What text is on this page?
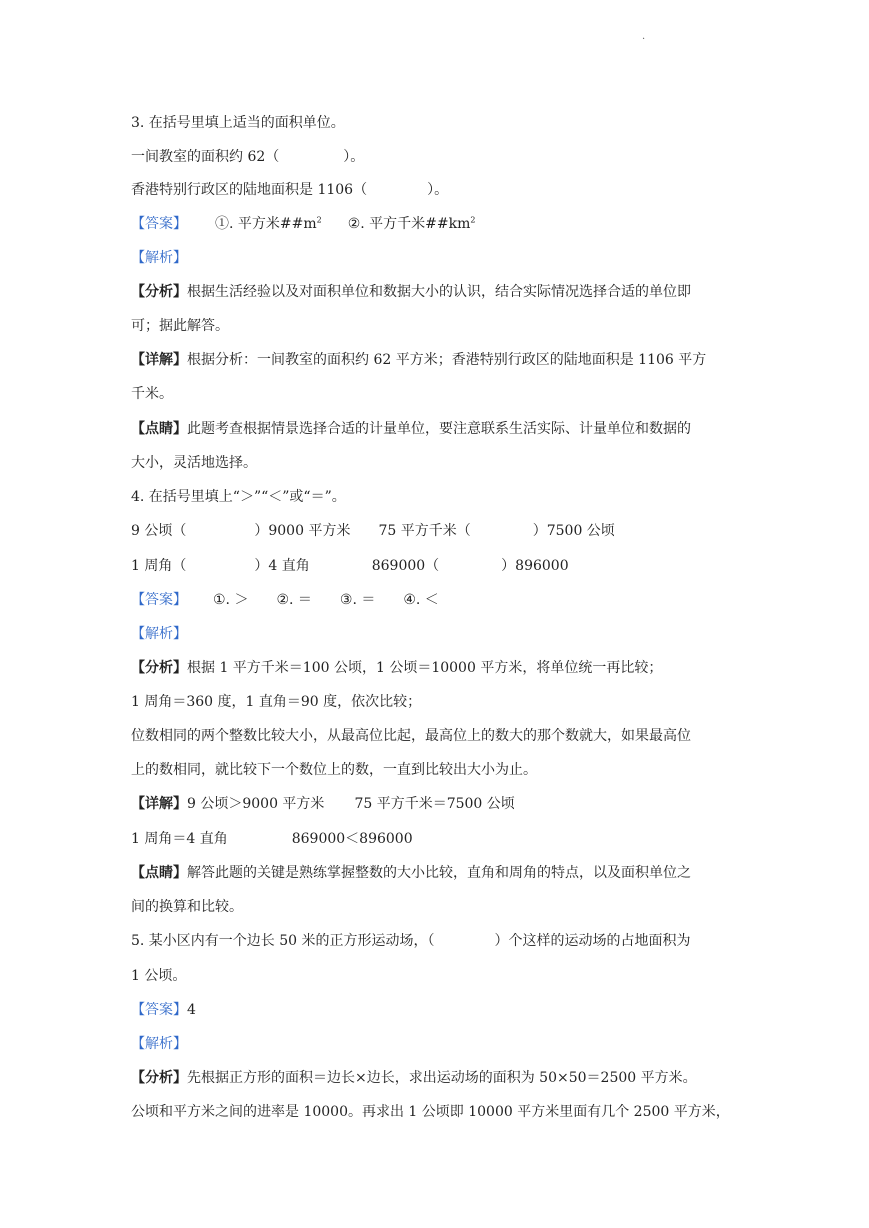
·
3. 在括号里填上适当的面积单位。
一间教室的面积约 62（	）。
香港特别行政区的陆地面积是 1106（	）。
【答案】 ①. 平方米$\#\#m^2$ ②. 平方千米$\#\#km^2$
【解析】
【分析】根据生活经验以及对面积单位和数据大小的认识，结合实际情况选择合适的单位即
可；据此解答。
【详解】根据分析：一间教室的面积约 62 平方米；香港特别行政区的陆地面积是 1106 平方
千米。
【点睛】此题考查根据情景选择合适的计量单位，要注意联系生活实际、计量单位和数据的
大小，灵活地选择。
4. 在括号里填上“＞”“＜”或“＝”。
9 公顷（	）9000 平方米 75 平方千米（	）7500 公顷
1 周角（	）4 直角	869000（	）896000
【答案】 ①. ＞ ②. ＝ ③. ＝ ④. ＜
【解析】
【分析】根据 1 平方千米＝100 公顷，1 公顷＝10000 平方米，将单位统一再比较；
1 周角＝360 度，1 直角＝90 度，依次比较；
位数相同的两个整数比较大小，从最高位比起，最高位上的数大的那个数就大，如果最高位
上的数相同，就比较下一个数位上的数，一直到比较出大小为止。
【详解】9 公顷＞9000 平方米 75 平方千米＝7500 公顷
1 周角＝4 直角	869000＜896000
【点睛】解答此题的关键是熟练掌握整数的大小比较，直角和周角的特点，以及面积单位之
间的换算和比较。
5. 某小区内有一个边长 50 米的正方形运动场，（	）个这样的运动场的占地面积为
1 公顷。
【答案】4
【解析】
【分析】先根据正方形的面积＝边长×边长，求出运动场的面积为 50×50＝2500 平方米。
公顷和平方米之间的进率是 10000。再求出 1 公顷即 10000 平方米里面有几个 2500 平方米，
